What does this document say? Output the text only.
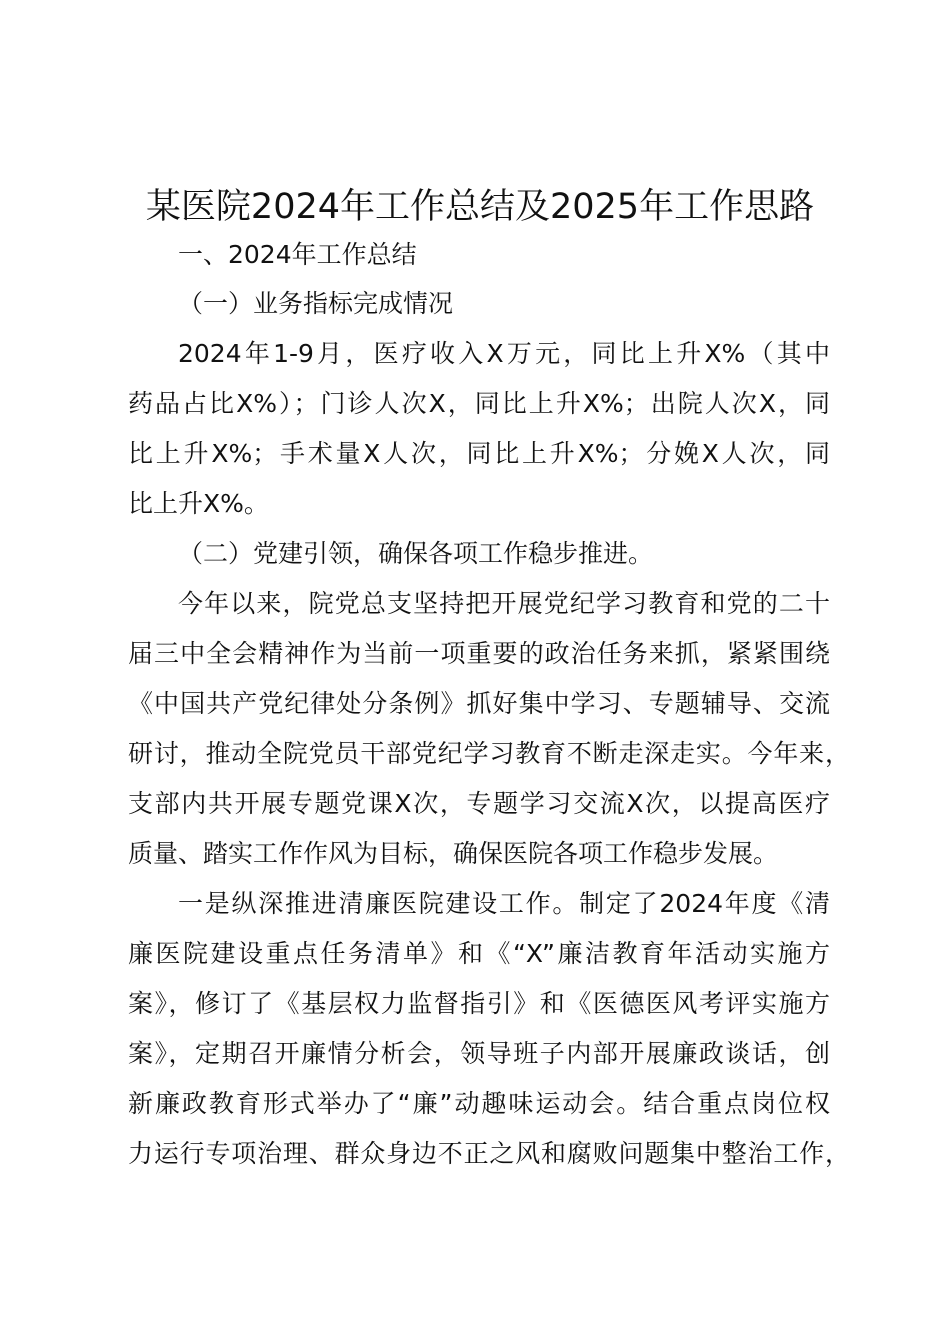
某医院2024年工作总结及2025年工作思路
一、2024年工作总结
（一）业务指标完成情况
2024年1-9月，医疗收入X万元，同比上升X%（其中
药品占比X%）；门诊人次X，同比上升X%；出院人次X，同
比上升X%；手术量X人次，同比上升X%；分娩X人次，同
比上升X%。
（二）党建引领，确保各项工作稳步推进。
今年以来，院党总支坚持把开展党纪学习教育和党的二十
届三中全会精神作为当前一项重要的政治任务来抓，紧紧围绕
《中国共产党纪律处分条例》抓好集中学习、专题辅导、交流
研讨，推动全院党员干部党纪学习教育不断走深走实。今年来，
支部内共开展专题党课X次，专题学习交流X次，以提高医疗
质量、踏实工作作风为目标，确保医院各项工作稳步发展。
一是纵深推进清廉医院建设工作。制定了2024年度《清
廉医院建设重点任务清单》和《“X”廉洁教育年活动实施方
案》，修订了《基层权力监督指引》和《医德医风考评实施方
案》，定期召开廉情分析会，领导班子内部开展廉政谈话，创
新廉政教育形式举办了“廉”动趣味运动会。结合重点岗位权
力运行专项治理、群众身边不正之风和腐败问题集中整治工作，
